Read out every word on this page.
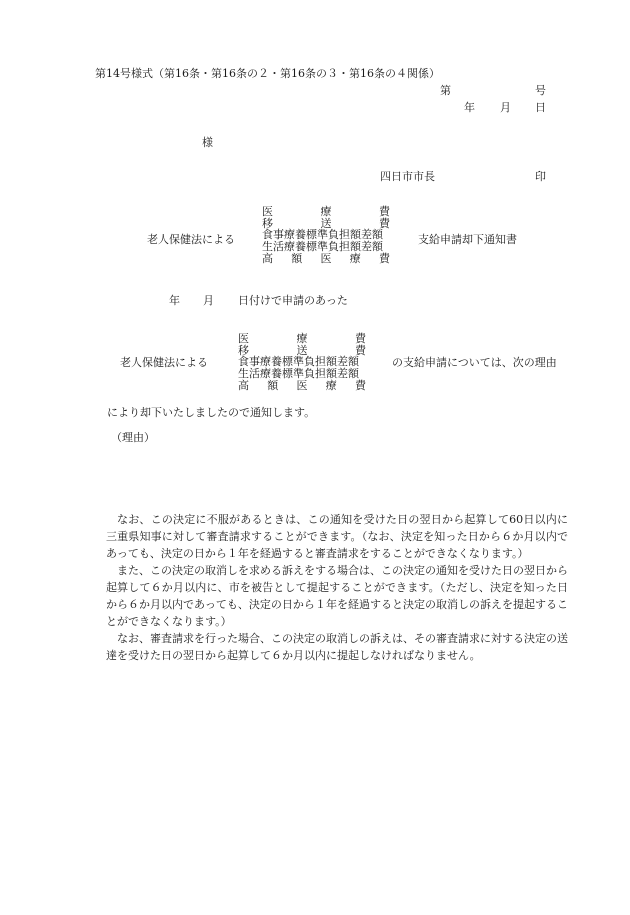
第14号様式（第16条・第16条の２・第16条の３・第16条の４関係）
第	号
年 月 日
様
四日市市長	印
老人保健法による
医	療	費
移	送	費
食事療養標準負担額差額
生活療養標準負担額差額
高 額 医 療 費
支給申請却下通知書
年 月 日付けで申請のあった
老人保健法による
医	療	費
移	送	費
食事療養標準負担額差額
生活療養標準負担額差額
高 額 医 療 費
の支給申請については、次の理由
により却下いたしましたので通知します。
（理由）
なお、この決定に不服があるときは、この通知を受けた日の翌日から起算して60日以内に三重県知事に対して審査請求することができます。（なお、決定を知った日から６か月以内であっても、決定の日から１年を経過すると審査請求をすることができなくなります。）
また、この決定の取消しを求める訴えをする場合は、この決定の通知を受けた日の翌日から起算して６か月以内に、市を被告として提起することができます。（ただし、決定を知った日から６か月以内であっても、決定の日から１年を経過すると決定の取消しの訴えを提起することができなくなります。）
なお、審査請求を行った場合、この決定の取消しの訴えは、その審査請求に対する決定の送達を受けた日の翌日から起算して６か月以内に提起しなければなりません。
